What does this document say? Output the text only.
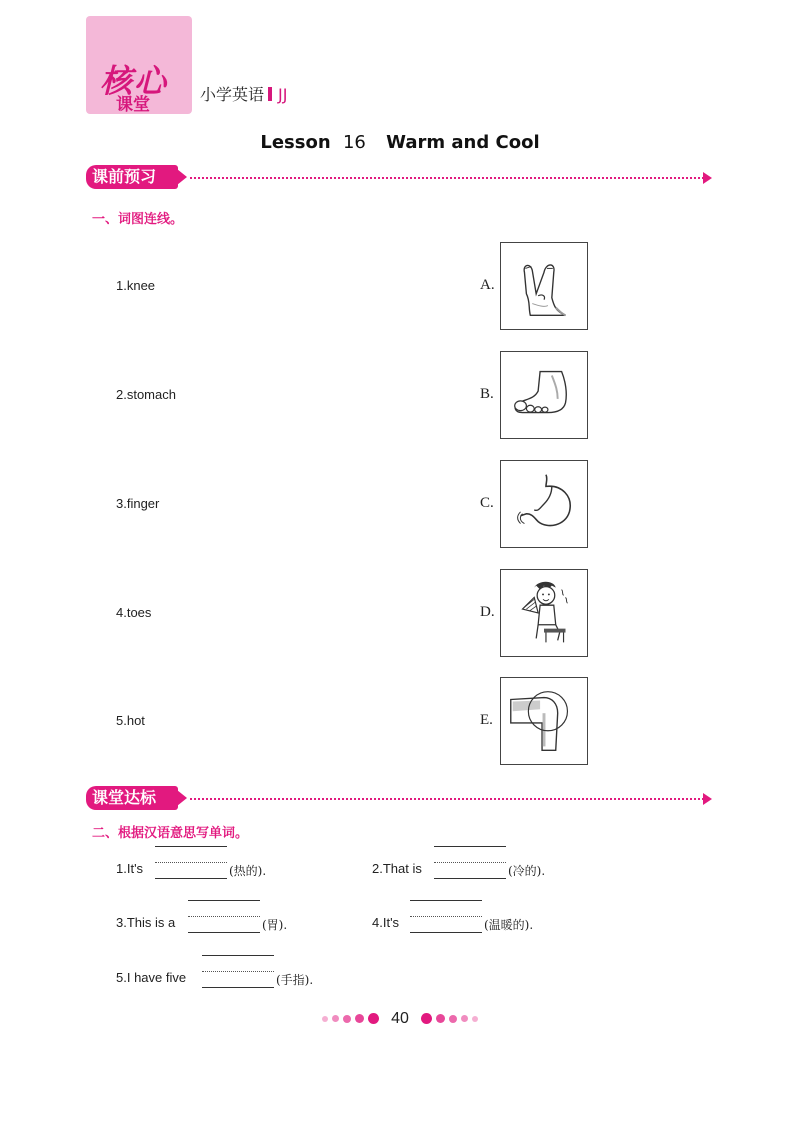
核心
课堂
小学英语 JJ
Lesson 16 Warm and Cool
课前预习
一、词图连线。
1.knee
2.stomach
3.finger
4.toes
5.hot
A.
B.
C.
D.
E.
课堂达标
二、根据汉语意思写单词。
1.It's	(热的).	2.That is	(冷的).
3.This is a	(胃).	4.It's	(温暖的).
5.I have five	(手指).
40
